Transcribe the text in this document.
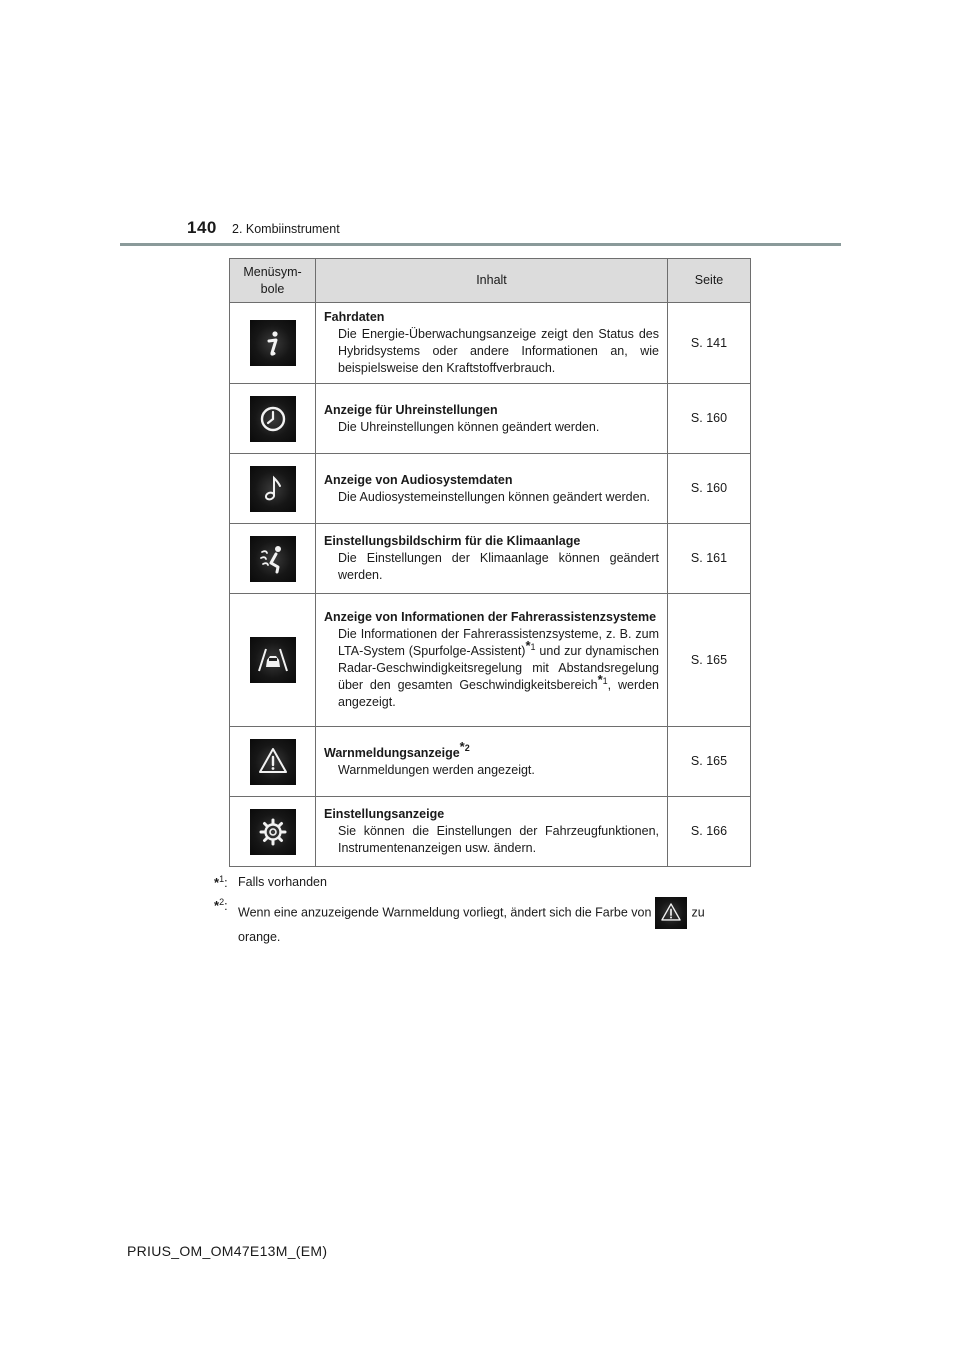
140 2. Kombiinstrument
Menüsym-
bole	Inhalt	Seite

Fahrdaten
Die Energie-Überwachungsanzeige zeigt den Status des Hybridsystems oder andere Informationen an, wie beispielsweise den Kraftstoffverbrauch.	S. 141

Anzeige für Uhreinstellungen
Die Uhreinstellungen können geändert werden.	S. 160

Anzeige von Audiosystemdaten
Die Audiosystemeinstellungen können geändert werden.	S. 160

Einstellungsbildschirm für die Klimaanlage
Die Einstellungen der Klimaanlage können geändert werden.	S. 161

Anzeige von Informationen der Fahrerassistenzsysteme
Die Informationen der Fahrerassistenzsysteme, z. B. zum LTA-System (Spurfolge-Assistent)$^{*1}$ und zur dynamischen Radar-Geschwindigkeitsregelung mit Abstandsregelung über den gesamten Geschwindigkeitsbereich$^{*1}$, werden angezeigt.	S. 165

Warnmeldungsanzeige$^{*2}$
Warnmeldungen werden angezeigt.	S. 165

Einstellungsanzeige
Sie können die Einstellungen der Fahrzeugfunktionen, Instrumentenanzeigen usw. ändern.	S. 166
*$^1$: Falls vorhanden
*$^2$: Wenn eine anzuzeigende Warnmeldung vorliegt, ändert sich die Farbe von	zu orange.
PRIUS_OM_OM47E13M_(EM)
